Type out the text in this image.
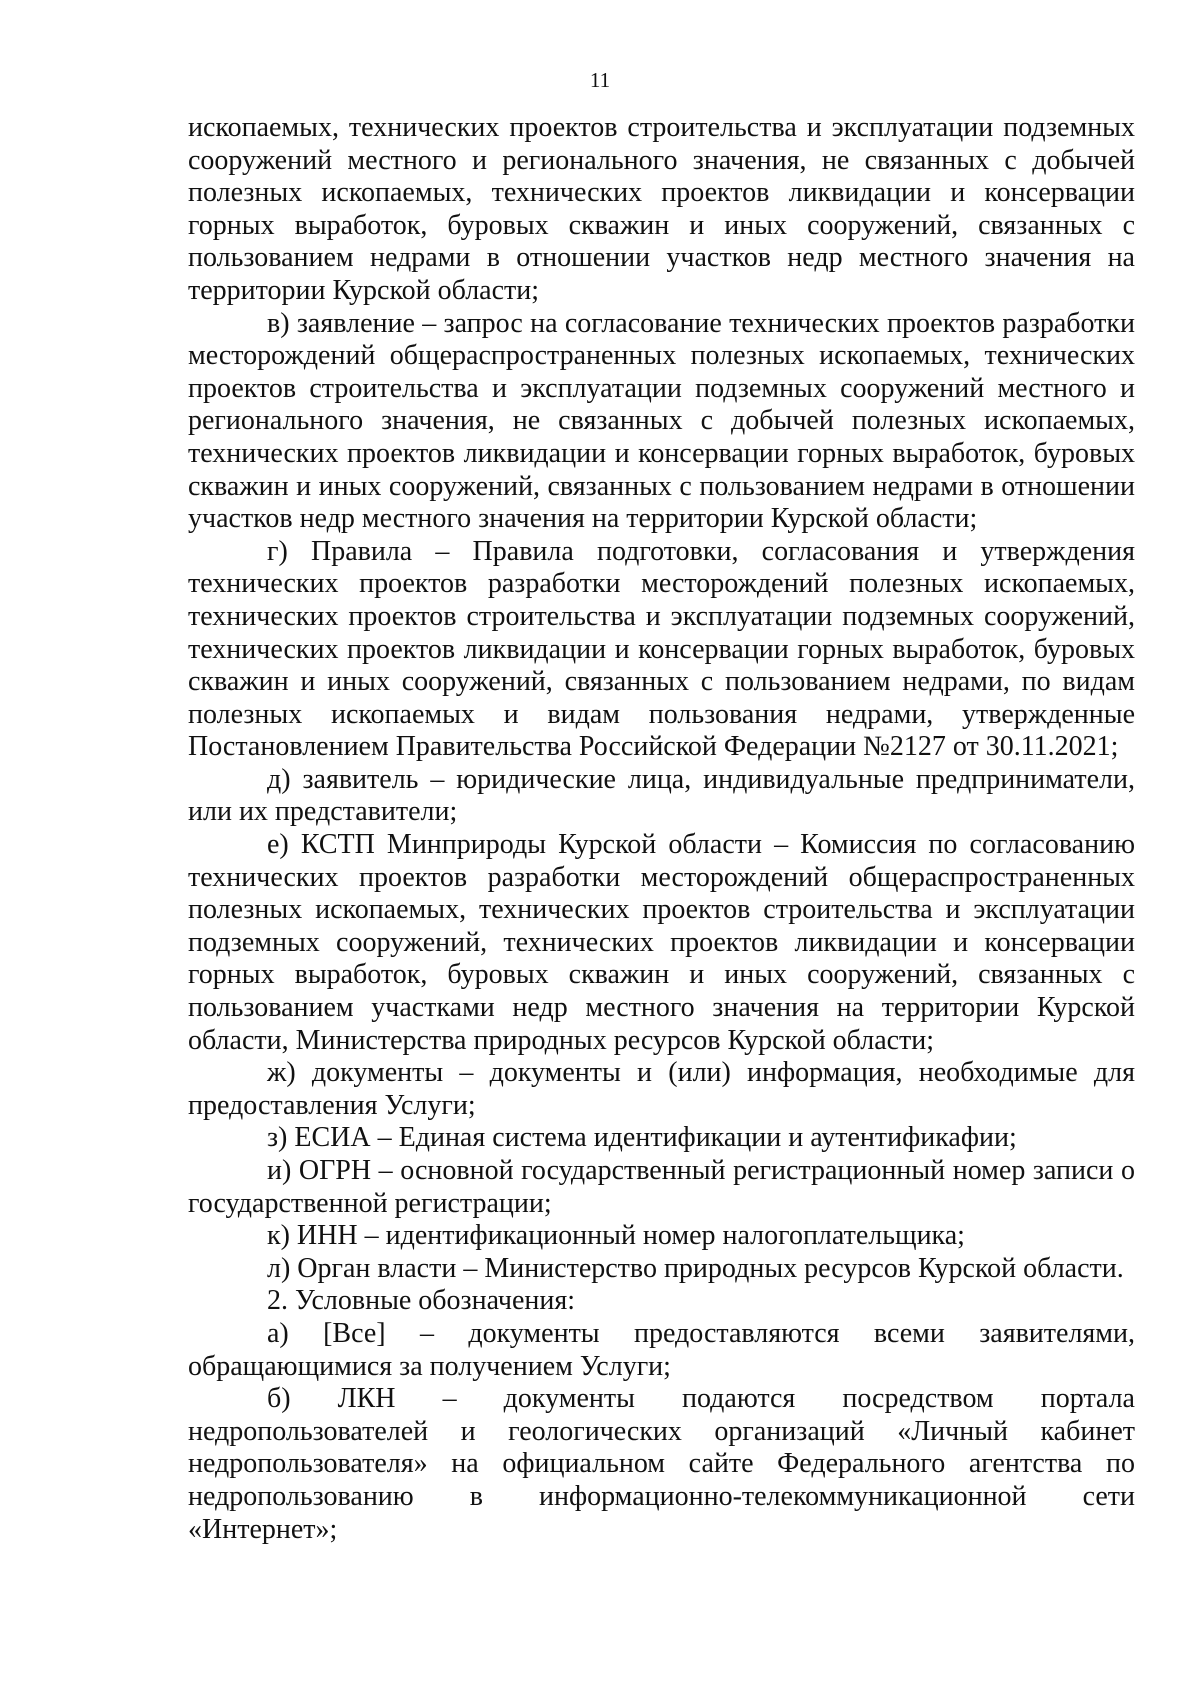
11

ископаемых, технических проектов строительства и эксплуатации подземных сооружений местного и регионального значения, не связанных с добычей полезных ископаемых, технических проектов ликвидации и консервации горных выработок, буровых скважин и иных сооружений, связанных с пользованием недрами в отношении участков недр местного значения на территории Курской области;

в) заявление – запрос на согласование технических проектов разработки месторождений общераспространенных полезных ископаемых, технических проектов строительства и эксплуатации подземных сооружений местного и регионального значения, не связанных с добычей полезных ископаемых, технических проектов ликвидации и консервации горных выработок, буровых скважин и иных сооружений, связанных с пользованием недрами в отношении участков недр местного значения на территории Курской области;

г) Правила – Правила подготовки, согласования и утверждения технических проектов разработки месторождений полезных ископаемых, технических проектов строительства и эксплуатации подземных сооружений, технических проектов ликвидации и консервации горных выработок, буровых скважин и иных сооружений, связанных с пользованием недрами, по видам полезных ископаемых и видам пользования недрами, утвержденные Постановлением Правительства Российской Федерации №2127 от 30.11.2021;

д) заявитель – юридические лица, индивидуальные предприниматели, или их представители;

е) КСТП Минприроды Курской области – Комиссия по согласованию технических проектов разработки месторождений общераспространенных полезных ископаемых, технических проектов строительства и эксплуатации подземных сооружений, технических проектов ликвидации и консервации горных выработок, буровых скважин и иных сооружений, связанных с пользованием участками недр местного значения на территории Курской области, Министерства природных ресурсов Курской области;

ж) документы – документы и (или) информация, необходимые для предоставления Услуги;

з) ЕСИА – Единая система идентификации и аутентификафии;

и) ОГРН – основной государственный регистрационный номер записи о государственной регистрации;

к) ИНН – идентификационный номер налогоплательщика;

л) Орган власти – Министерство природных ресурсов Курской области.

2. Условные обозначения:

а) [Все] – документы предоставляются всеми заявителями, обращающимися за получением Услуги;

б) ЛКН – документы подаются посредством портала недропользователей и геологических организаций «Личный кабинет недропользователя» на официальном сайте Федерального агентства по недропользованию в информационно-телекоммуникационной сети «Интернет»;
